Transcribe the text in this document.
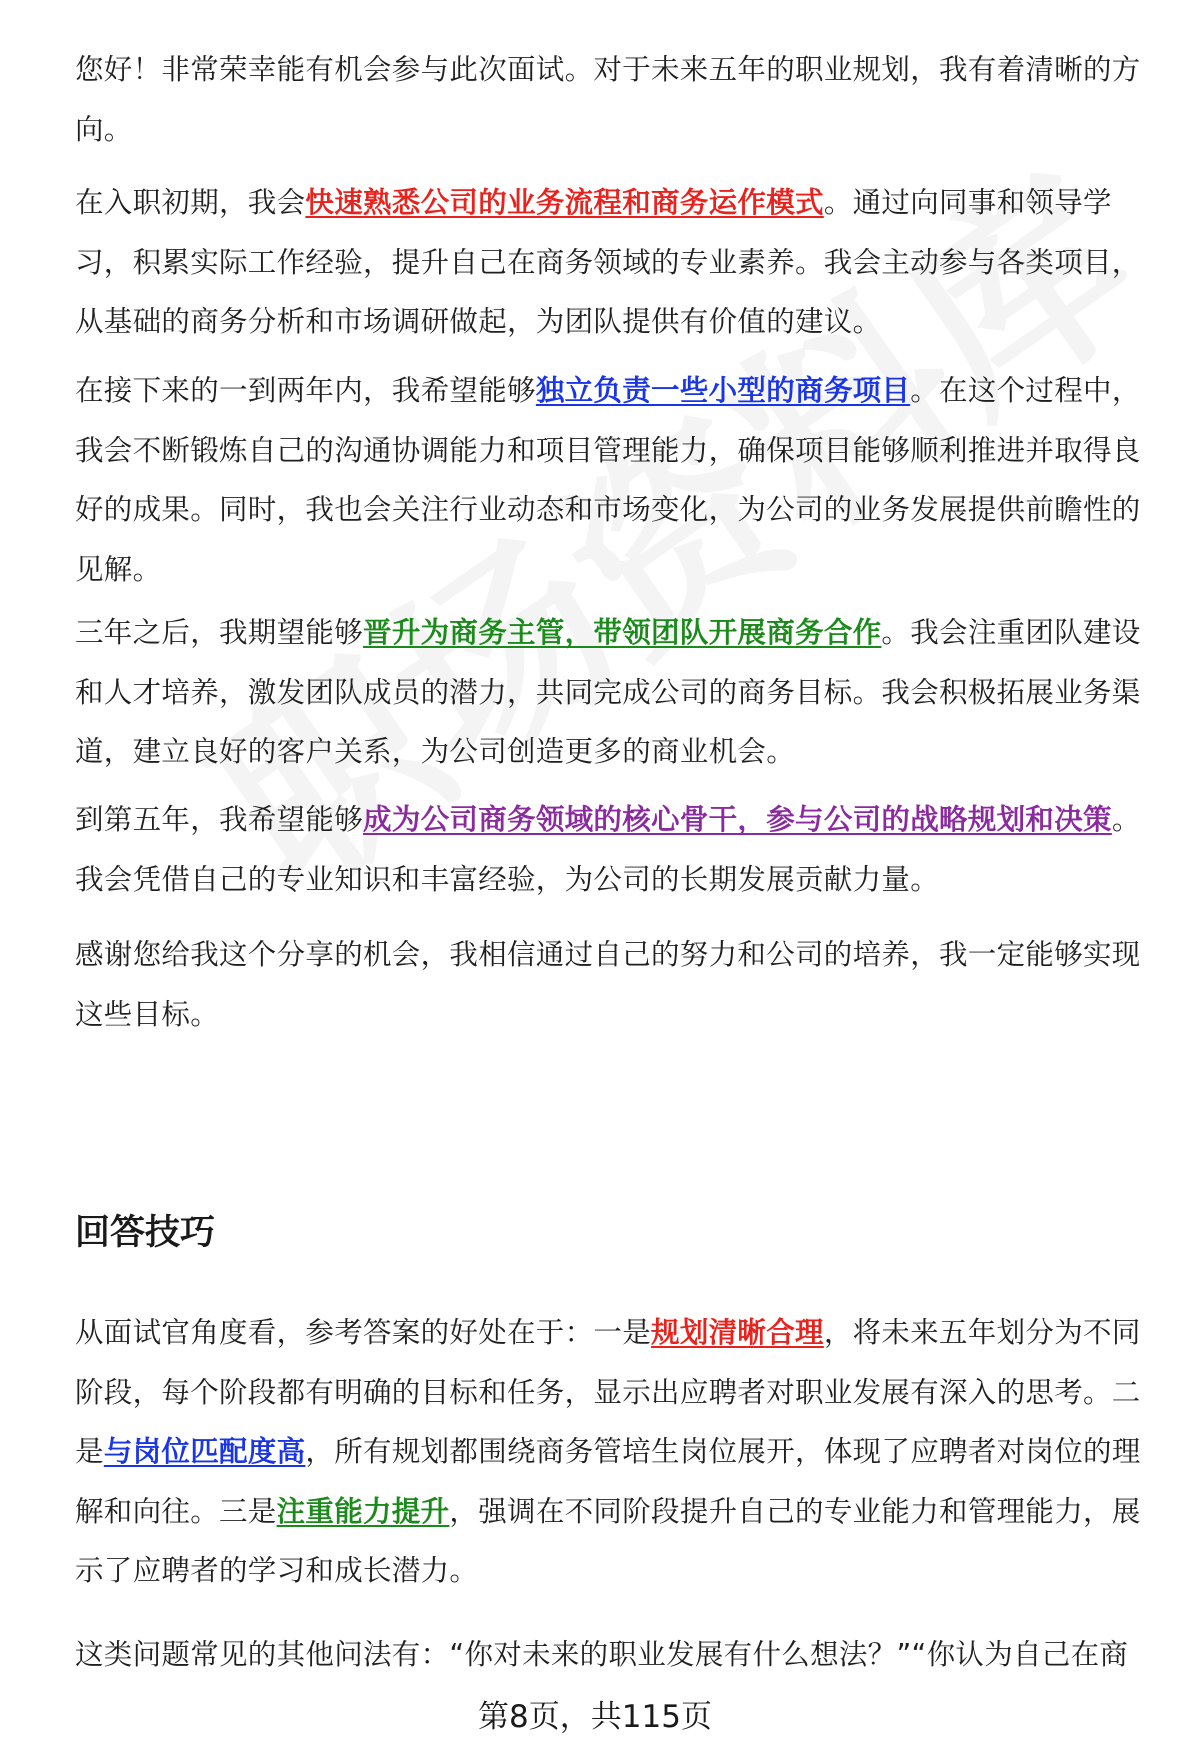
您好！非常荣幸能有机会参与此次面试。对于未来五年的职业规划，我有着清晰的方向。

在入职初期，我会快速熟悉公司的业务流程和商务运作模式。通过向同事和领导学习，积累实际工作经验，提升自己在商务领域的专业素养。我会主动参与各类项目，从基础的商务分析和市场调研做起，为团队提供有价值的建议。

在接下来的一到两年内，我希望能够独立负责一些小型的商务项目。在这个过程中，我会不断锻炼自己的沟通协调能力和项目管理能力，确保项目能够顺利推进并取得良好的成果。同时，我也会关注行业动态和市场变化，为公司的业务发展提供前瞻性的见解。

三年之后，我期望能够晋升为商务主管，带领团队开展商务合作。我会注重团队建设和人才培养，激发团队成员的潜力，共同完成公司的商务目标。我会积极拓展业务渠道，建立良好的客户关系，为公司创造更多的商业机会。

到第五年，我希望能够成为公司商务领域的核心骨干，参与公司的战略规划和决策。我会凭借自己的专业知识和丰富经验，为公司的长期发展贡献力量。

感谢您给我这个分享的机会，我相信通过自己的努力和公司的培养，我一定能够实现这些目标。

回答技巧

从面试官角度看，参考答案的好处在于：一是规划清晰合理，将未来五年划分为不同阶段，每个阶段都有明确的目标和任务，显示出应聘者对职业发展有深入的思考。二是与岗位匹配度高，所有规划都围绕商务管培生岗位展开，体现了应聘者对岗位的理解和向往。三是注重能力提升，强调在不同阶段提升自己的专业能力和管理能力，展示了应聘者的学习和成长潜力。

这类问题常见的其他问法有：“你对未来的职业发展有什么想法？”“你认为自己在商

第8页，共115页
